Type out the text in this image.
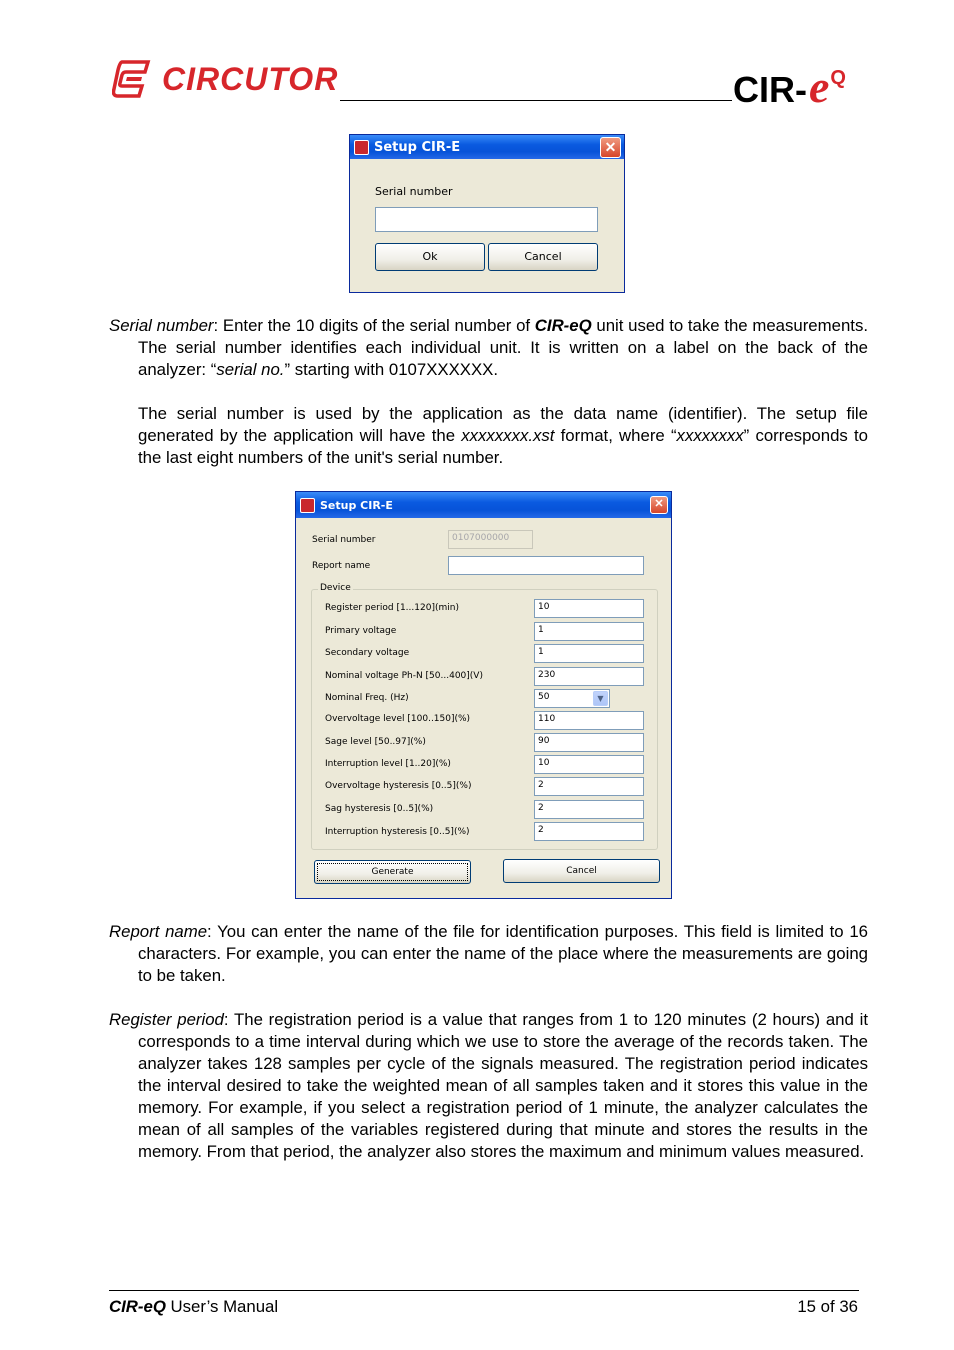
CIRCUTOR	CIR-$e^Q$
Setup CIR-E	✕
Serial number
Ok	Cancel
Serial number: Enter the 10 digits of the serial number of CIR-eQ unit used to take the measurements. The serial number identifies each individual unit. It is written on a label on the back of the analyzer: “serial no.” starting with 0107XXXXXX.
The serial number is used by the application as the data name (identifier). The setup file generated by the application will have the xxxxxxxx.xst format, where “xxxxxxxx” corresponds to the last eight numbers of the unit's serial number.
Setup CIR-E	✕
Serial number	0107000000
Report name
Device
Register period [1...120](min)	10
Primary voltage	1
Secondary voltage	1
Nominal voltage Ph-N [50...400](V)	230
Nominal Freq. (Hz)	50	▼
Overvoltage level [100..150](%)	110
Sage level [50..97](%)	90
Interruption level [1..20](%)	10
Overvoltage hysteresis [0..5](%)	2
Sag hysteresis [0..5](%)	2
Interruption hysteresis [0..5](%)	2
Generate	Cancel
Report name: You can enter the name of the file for identification purposes. This field is limited to 16 characters. For example, you can enter the name of the place where the measurements are going to be taken.
Register period: The registration period is a value that ranges from 1 to 120 minutes (2 hours) and it corresponds to a time interval during which we use to store the average of the records taken. The analyzer takes 128 samples per cycle of the signals measured. The registration period indicates the interval desired to take the weighted mean of all samples taken and it stores this value in the memory. For example, if you select a registration period of 1 minute, the analyzer calculates the mean of all samples of the variables registered during that minute and stores the results in the memory. From that period, the analyzer also stores the maximum and minimum values measured.
CIR-eQ User’s Manual	15 of 36
